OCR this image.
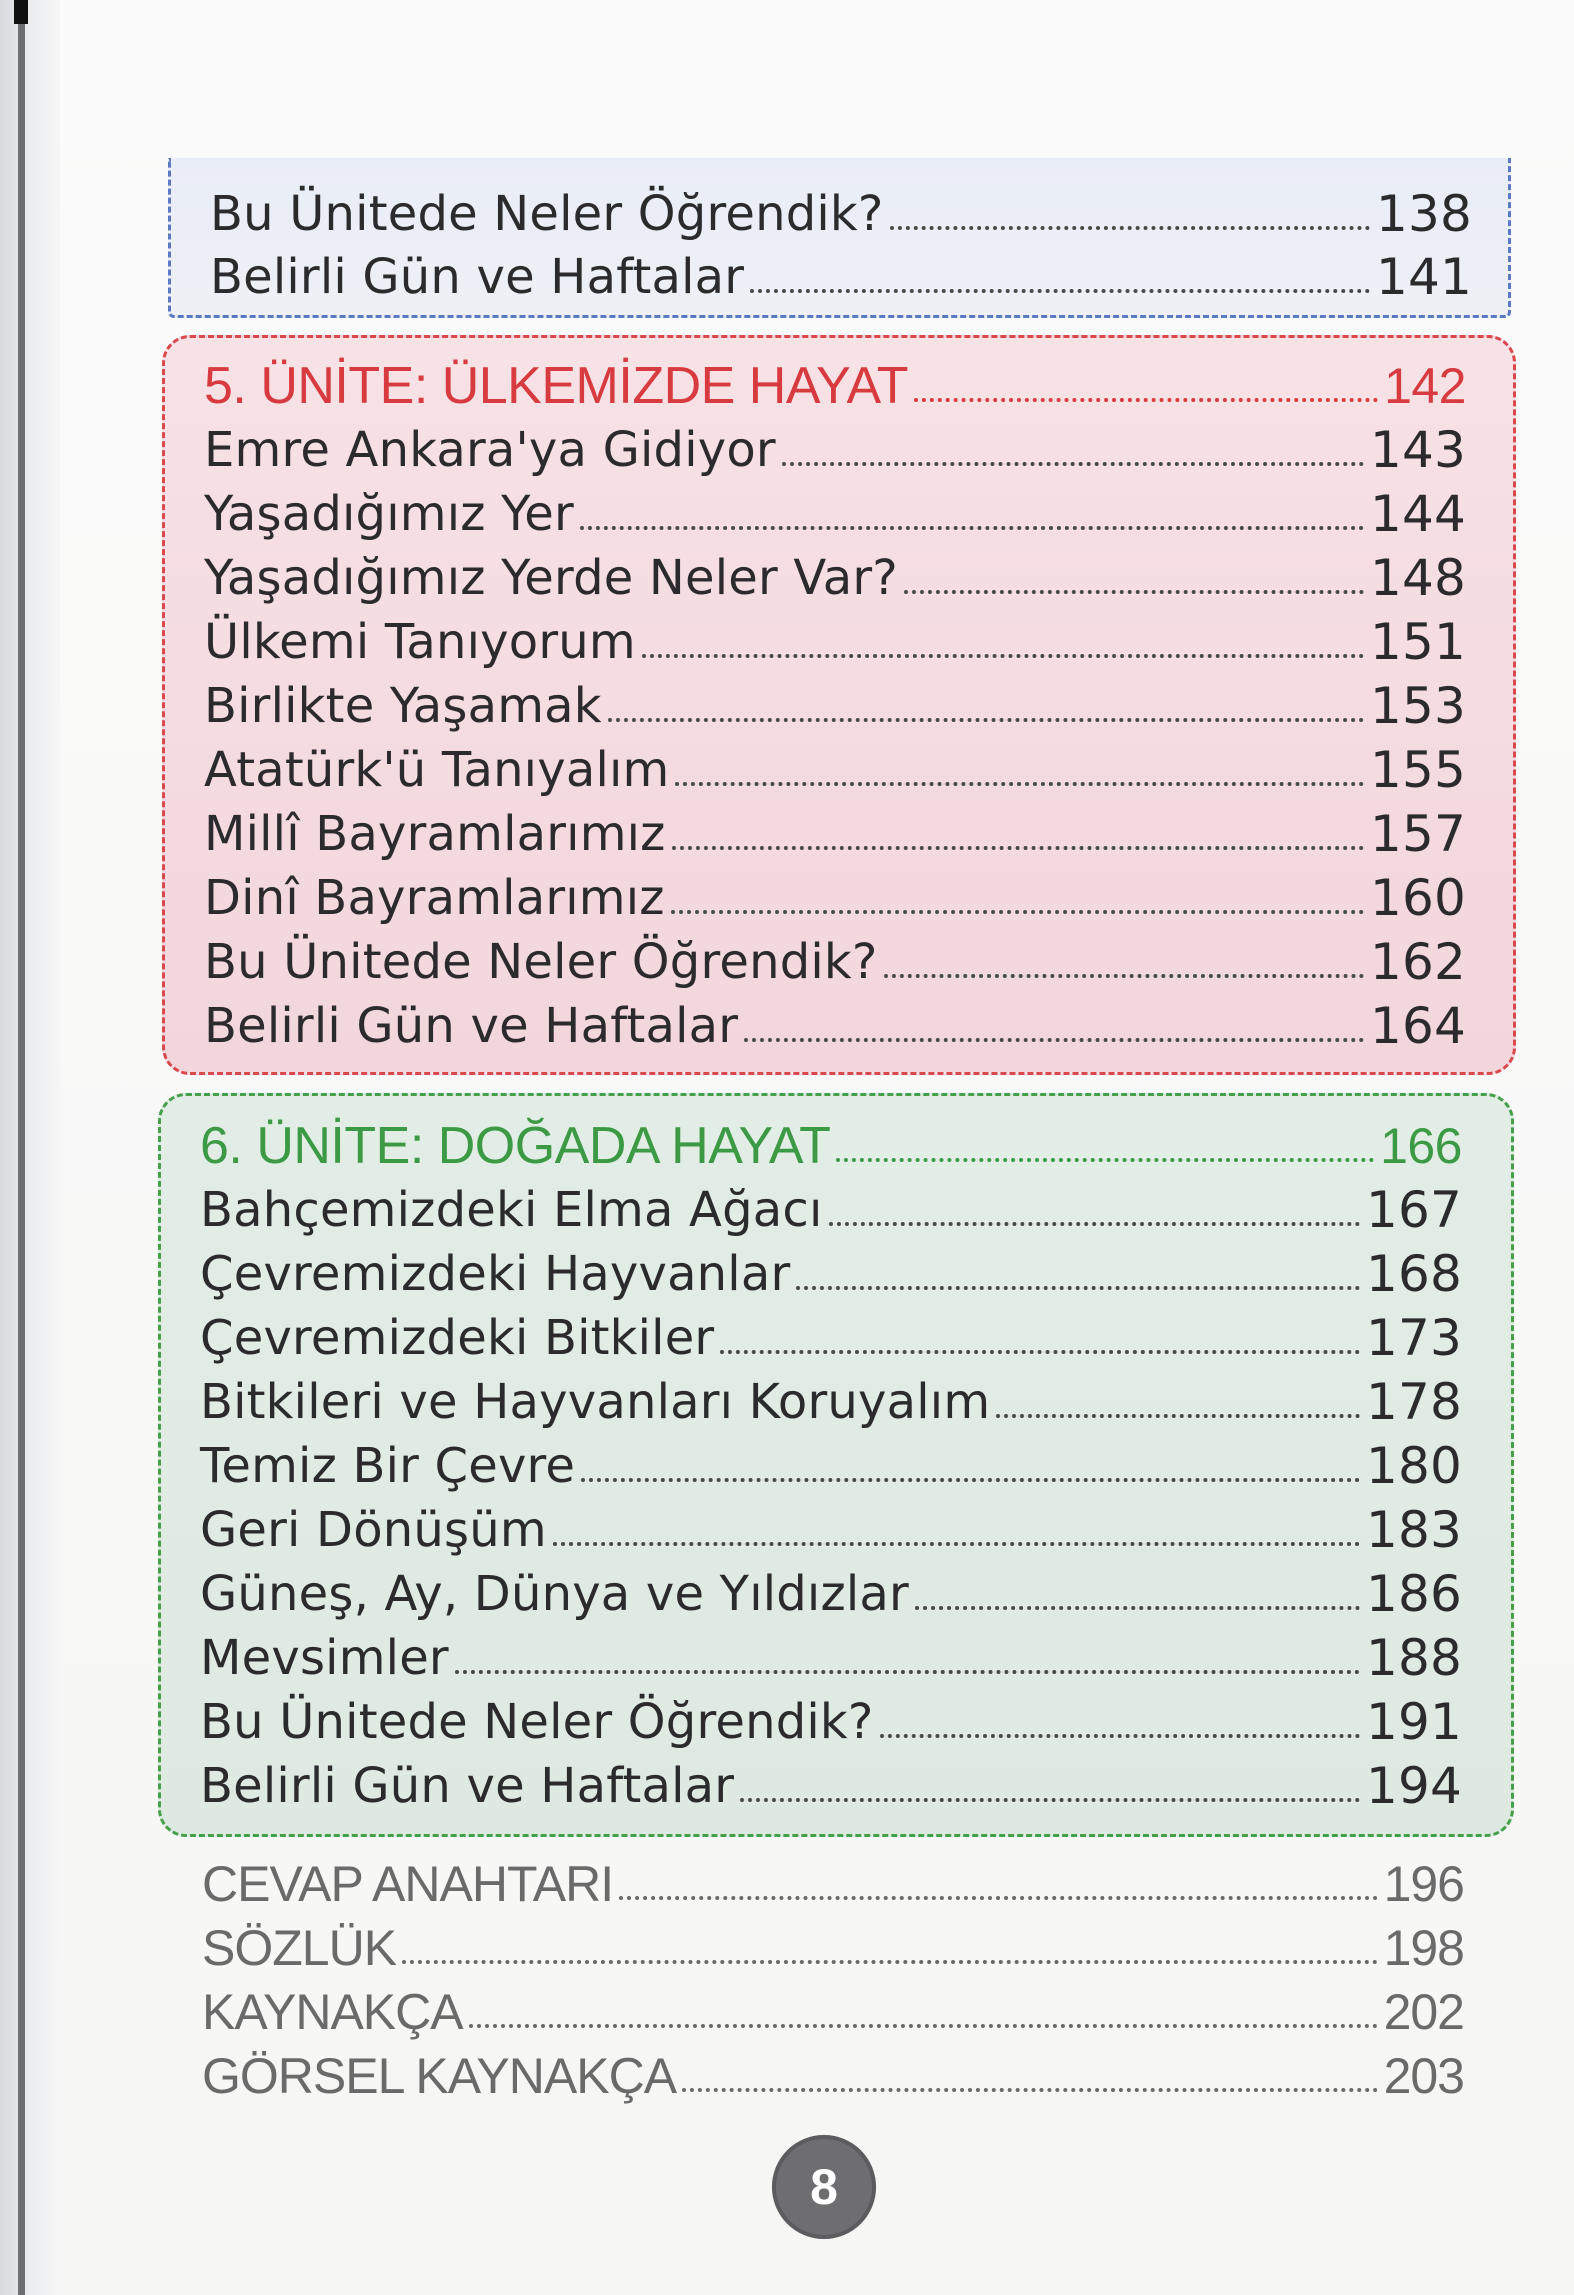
Bu Ünitede Neler Öğrendik?	138
Belirli Gün ve Haftalar	141
5. ÜNİTE: ÜLKEMİZDE HAYAT	142
Emre Ankara'ya Gidiyor	143
Yaşadığımız Yer	144
Yaşadığımız Yerde Neler Var?	148
Ülkemi Tanıyorum	151
Birlikte Yaşamak	153
Atatürk'ü Tanıyalım	155
Millî Bayramlarımız	157
Dinî Bayramlarımız	160
Bu Ünitede Neler Öğrendik?	162
Belirli Gün ve Haftalar	164
6. ÜNİTE: DOĞADA HAYAT	166
Bahçemizdeki Elma Ağacı	167
Çevremizdeki Hayvanlar	168
Çevremizdeki Bitkiler	173
Bitkileri ve Hayvanları Koruyalım	178
Temiz Bir Çevre	180
Geri Dönüşüm	183
Güneş, Ay, Dünya ve Yıldızlar	186
Mevsimler	188
Bu Ünitede Neler Öğrendik?	191
Belirli Gün ve Haftalar	194
CEVAP ANAHTARI	196
SÖZLÜK	198
KAYNAKÇA	202
GÖRSEL KAYNAKÇA	203
8
